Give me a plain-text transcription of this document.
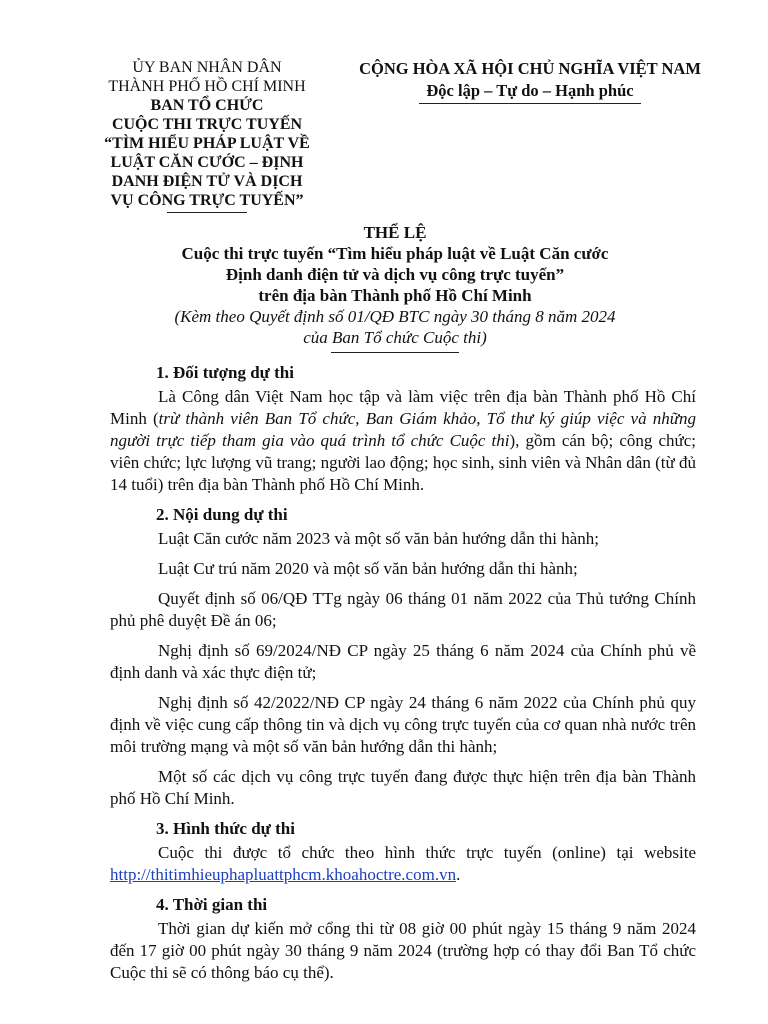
ỦY BAN NHÂN DÂN
THÀNH PHỐ HỒ CHÍ MINH
BAN TỔ CHỨC
CUỘC THI TRỰC TUYẾN
“TÌM HIỂU PHÁP LUẬT VỀ
LUẬT CĂN CƯỚC – ĐỊNH
DANH ĐIỆN TỬ VÀ DỊCH
VỤ CÔNG TRỰC TUYẾN”
CỘNG HÒA XÃ HỘI CHỦ NGHĨA VIỆT NAM
Độc lập – Tự do – Hạnh phúc
THỂ LỆ
Cuộc thi trực tuyến “Tìm hiểu pháp luật về Luật Căn cước
Định danh điện tử và dịch vụ công trực tuyến”
trên địa bàn Thành phố Hồ Chí Minh
(Kèm theo Quyết định số 01/QĐ BTC ngày 30 tháng 8 năm 2024
của Ban Tổ chức Cuộc thi)
1. Đối tượng dự thi

Là Công dân Việt Nam học tập và làm việc trên địa bàn Thành phố Hồ Chí Minh (trừ thành viên Ban Tổ chức, Ban Giám khảo, Tổ thư ký giúp việc và những người trực tiếp tham gia vào quá trình tổ chức Cuộc thi), gồm cán bộ; công chức; viên chức; lực lượng vũ trang; người lao động; học sinh, sinh viên và Nhân dân (từ đủ 14 tuổi) trên địa bàn Thành phố Hồ Chí Minh.

2. Nội dung dự thi

Luật Căn cước năm 2023 và một số văn bản hướng dẫn thi hành;

Luật Cư trú năm 2020 và một số văn bản hướng dẫn thi hành;

Quyết định số 06/QĐ TTg ngày 06 tháng 01 năm 2022 của Thủ tướng Chính phủ phê duyệt Đề án 06;

Nghị định số 69/2024/NĐ CP ngày 25 tháng 6 năm 2024 của Chính phủ về định danh và xác thực điện tử;

Nghị định số 42/2022/NĐ CP ngày 24 tháng 6 năm 2022 của Chính phủ quy định về việc cung cấp thông tin và dịch vụ công trực tuyến của cơ quan nhà nước trên môi trường mạng và một số văn bản hướng dẫn thi hành;

Một số các dịch vụ công trực tuyến đang được thực hiện trên địa bàn Thành phố Hồ Chí Minh.

3. Hình thức dự thi

Cuộc thi được tổ chức theo hình thức trực tuyến (online) tại website http://thitimhieuphapluattphcm.khoahoctre.com.vn.

4. Thời gian thi

Thời gian dự kiến mở cổng thi từ 08 giờ 00 phút ngày 15 tháng 9 năm 2024 đến 17 giờ 00 phút ngày 30 tháng 9 năm 2024 (trường hợp có thay đổi Ban Tổ chức Cuộc thi sẽ có thông báo cụ thể).
